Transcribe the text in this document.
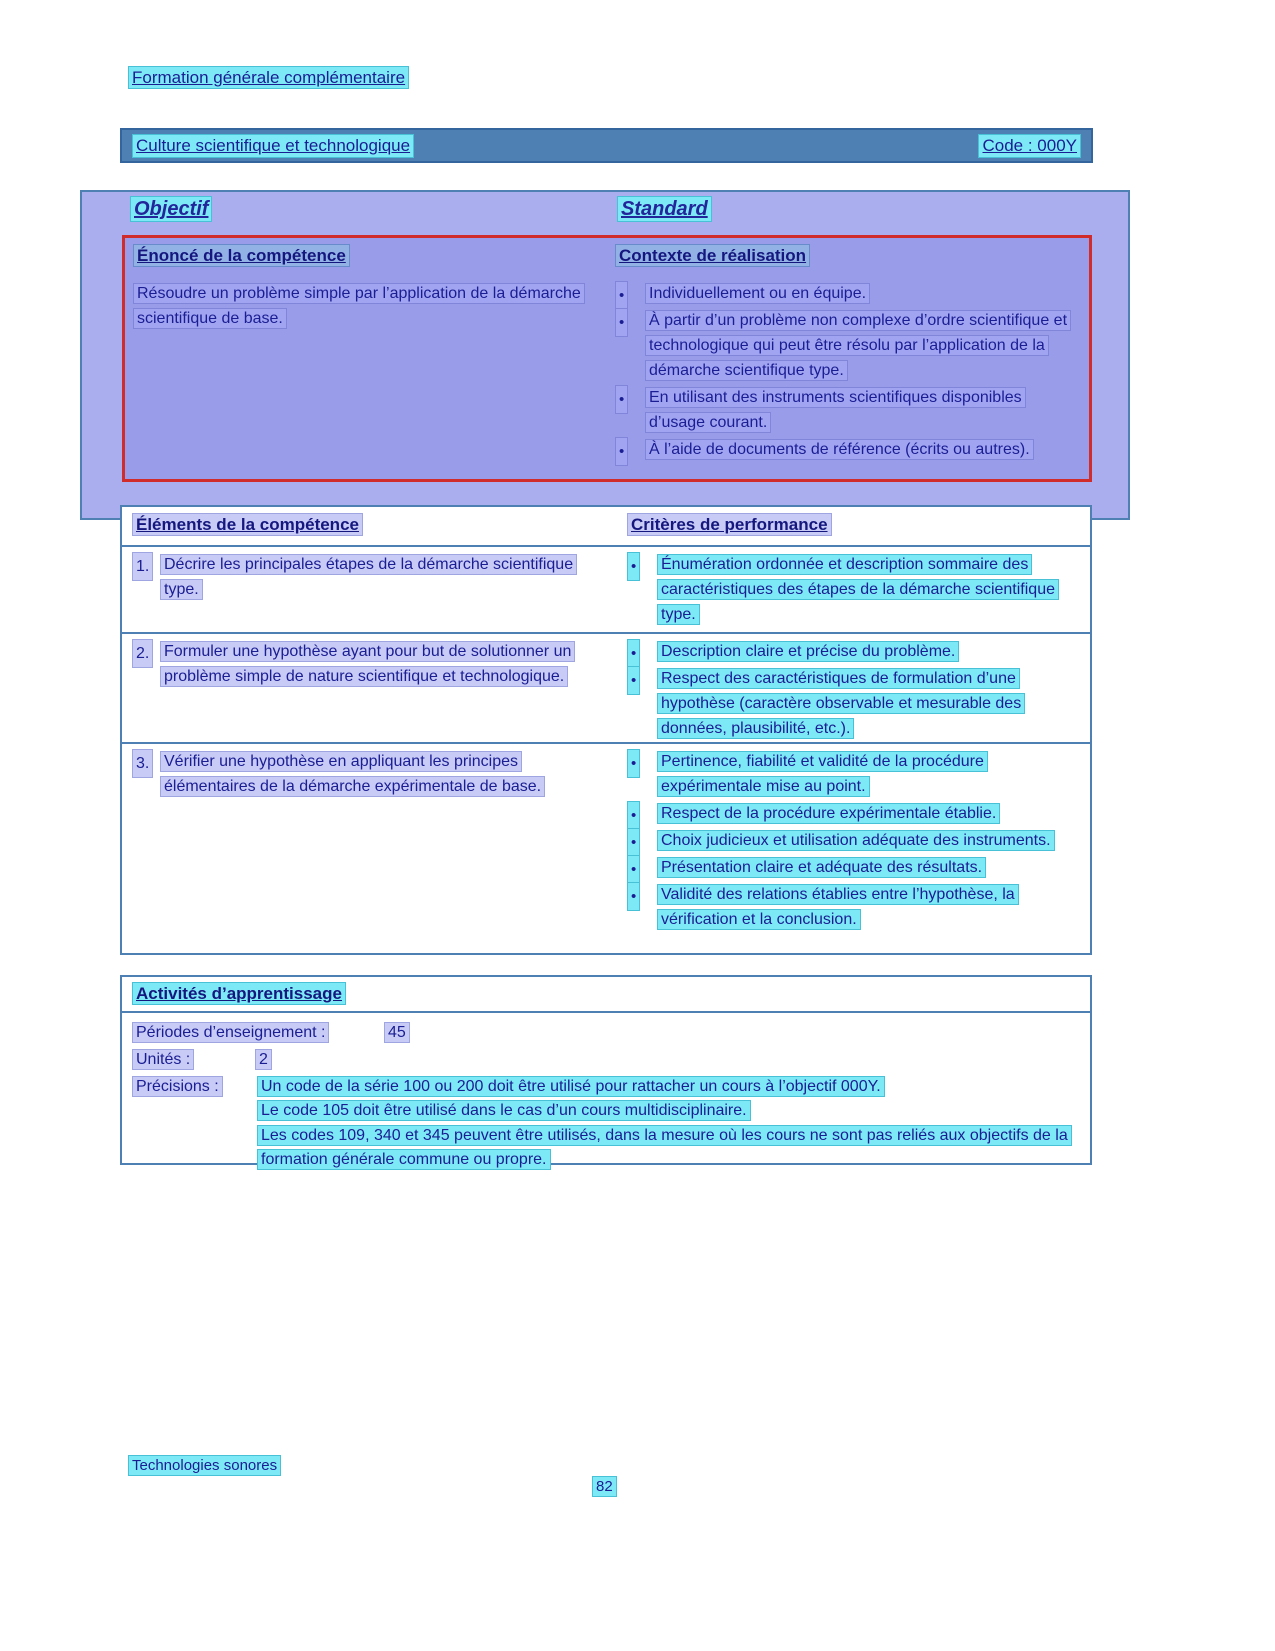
Formation générale complémentaire
Culture scientifique et technologique	Code : 000Y
Objectif	Standard
Énoncé de la compétence
Résoudre un problème simple par l’application de la démarche scientifique de base.
Contexte de réalisation
• Individuellement ou en équipe.
• À partir d’un problème non complexe d’ordre scientifique et technologique qui peut être résolu par l’application de la démarche scientifique type.
• En utilisant des instruments scientifiques disponibles d’usage courant.
• À l’aide de documents de référence (écrits ou autres).
Éléments de la compétence	Critères de performance
1. Décrire les principales étapes de la démarche scientifique type.
• Énumération ordonnée et description sommaire des caractéristiques des étapes de la démarche scientifique type.
2. Formuler une hypothèse ayant pour but de solutionner un problème simple de nature scientifique et technologique.
• Description claire et précise du problème.
• Respect des caractéristiques de formulation d’une hypothèse (caractère observable et mesurable des données, plausibilité, etc.).
3. Vérifier une hypothèse en appliquant les principes élémentaires de la démarche expérimentale de base.
• Pertinence, fiabilité et validité de la procédure expérimentale mise au point.
• Respect de la procédure expérimentale établie.
• Choix judicieux et utilisation adéquate des instruments.
• Présentation claire et adéquate des résultats.
• Validité des relations établies entre l’hypothèse, la vérification et la conclusion.
Activités d’apprentissage
Périodes d’enseignement :	45
Unités :	2
Précisions :	Un code de la série 100 ou 200 doit être utilisé pour rattacher un cours à l’objectif 000Y.
Le code 105 doit être utilisé dans le cas d’un cours multidisciplinaire.
Les codes 109, 340 et 345 peuvent être utilisés, dans la mesure où les cours ne sont pas reliés aux objectifs de la formation générale commune ou propre.
Technologies sonores
82
